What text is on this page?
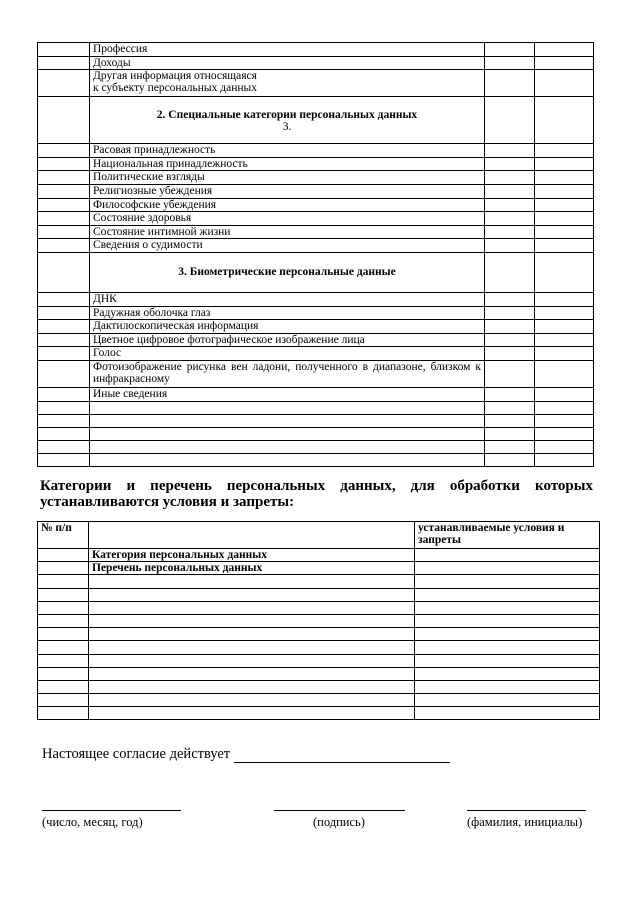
	Профессия		
	Доходы		
	Другая информация относящаяся
к субъекту персональных данных		
	2. Специальные категории персональных данных
3.		

	Расовая принадлежность		
	Национальная принадлежность		
	Политические взгляды		
	Религиозные убеждения		
	Философские убеждения		
	Состояние здоровья		
	Состояние интимной жизни		
	Сведения о судимости		
	3. Биометрические персональные данные		
	ДНК		
	Радужная оболочка глаз		
	Дактилоскопическая информация		
	Цветное цифровое фотографическое изображение лица		
	Голос		
	Фотоизображение рисунка вен ладони, полученного в диапазоне, близком к инфракрасному		
	Иные сведения		

Категории и перечень персональных данных, для обработки которых устанавливаются условия и запреты:
№ п/п		устанавливаемые условия и запреты
	Категория персональных данных	
	Перечень персональных данных	

Настоящее согласие действует
(число, месяц, год)	(подпись)	(фамилия, инициалы)
